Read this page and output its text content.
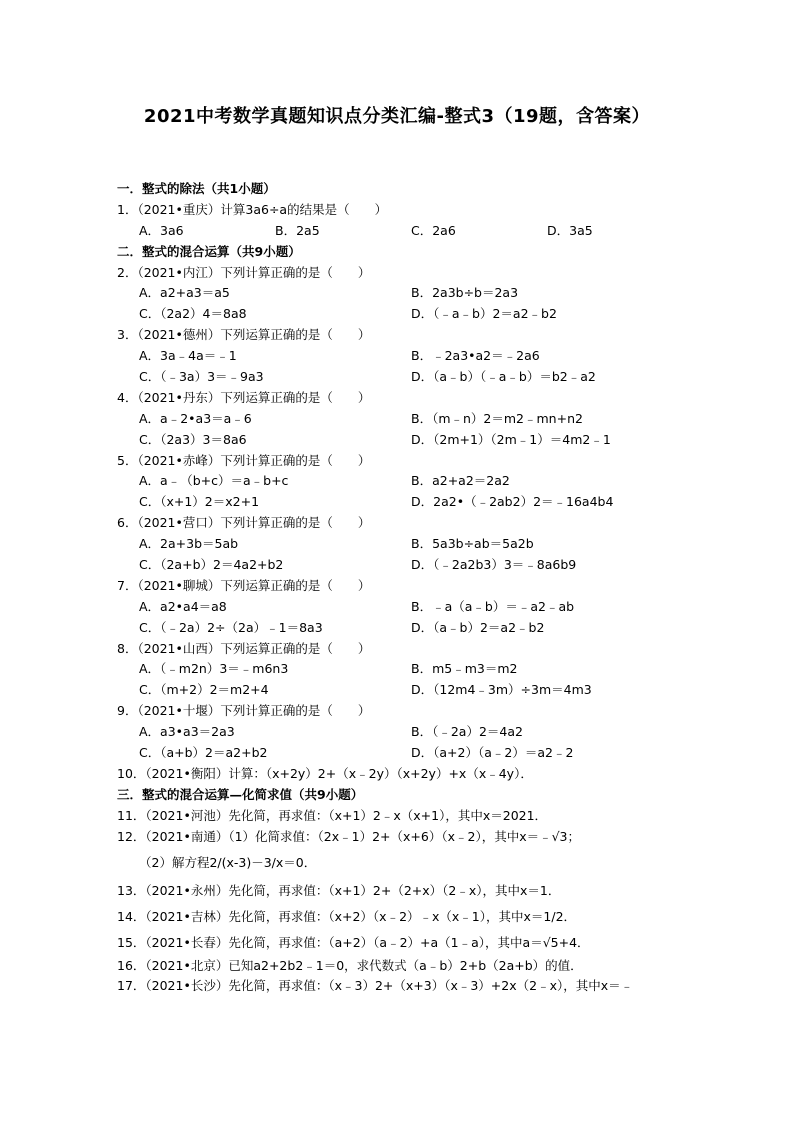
2021中考数学真题知识点分类汇编-整式3（19题，含答案）
一．整式的除法（共1小题）
1．（2021•重庆）计算3a6÷a的结果是（　　）
A．3a6	B．2a5	C．2a6	D．3a5
二．整式的混合运算（共9小题）
2．（2021•内江）下列计算正确的是（　　）
A．a2+a3＝a5	B．2a3b÷b＝2a3
C．（2a2）4＝8a8	D．（﹣a﹣b）2＝a2﹣b2
3．（2021•德州）下列运算正确的是（　　）
A．3a﹣4a＝﹣1	B．﹣2a3•a2＝﹣2a6
C．（﹣3a）3＝﹣9a3	D．（a﹣b）（﹣a﹣b）＝b2﹣a2
4．（2021•丹东）下列运算正确的是（　　）
A．a﹣2•a3＝a﹣6	B．（m﹣n）2＝m2﹣mn+n2
C．（2a3）3＝8a6	D．（2m+1）（2m﹣1）＝4m2﹣1
5．（2021•赤峰）下列计算正确的是（　　）
A．a﹣（b+c）＝a﹣b+c	B．a2+a2＝2a2
C．（x+1）2＝x2+1	D．2a2•（﹣2ab2）2＝﹣16a4b4
6．（2021•营口）下列计算正确的是（　　）
A．2a+3b＝5ab	B．5a3b÷ab＝5a2b
C．（2a+b）2＝4a2+b2	D．（﹣2a2b3）3＝﹣8a6b9
7．（2021•聊城）下列运算正确的是（　　）
A．a2•a4＝a8	B．﹣a（a﹣b）＝﹣a2﹣ab
C．（﹣2a）2÷（2a）﹣1＝8a3	D．（a﹣b）2＝a2﹣b2
8．（2021•山西）下列运算正确的是（　　）
A．（﹣m2n）3＝﹣m6n3	B．m5﹣m3＝m2
C．（m+2）2＝m2+4	D．（12m4﹣3m）÷3m＝4m3
9．（2021•十堰）下列计算正确的是（　　）
A．a3•a3＝2a3	B．（﹣2a）2＝4a2
C．（a+b）2＝a2+b2	D．（a+2）（a﹣2）＝a2﹣2
10．（2021•衡阳）计算：（x+2y）2+（x﹣2y）（x+2y）+x（x﹣4y）．
三．整式的混合运算—化简求值（共9小题）
11．（2021•河池）先化简，再求值：（x+1）2﹣x（x+1），其中x＝2021．
12．（2021•南通）（1）化简求值：（2x﹣1）2+（x+6）（x﹣2），其中x＝﹣√3；
（2）解方程2/(x-3)－3/x＝0．
13．（2021•永州）先化简，再求值：（x+1）2+（2+x）（2﹣x），其中x＝1．
14．（2021•吉林）先化简，再求值：（x+2）（x﹣2）﹣x（x﹣1），其中x＝1/2．
15．（2021•长春）先化简，再求值：（a+2）（a﹣2）+a（1﹣a），其中a＝√5+4．
16．（2021•北京）已知a2+2b2﹣1＝0，求代数式（a﹣b）2+b（2a+b）的值．
17．（2021•长沙）先化简，再求值：（x﹣3）2+（x+3）（x﹣3）+2x（2﹣x），其中x＝﹣
